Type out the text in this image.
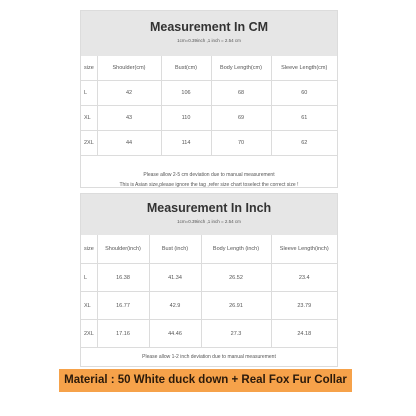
Measurement In CM
1cm=0.39inch ,1 inch = 2.54 cm
size	Shoulder(cm)	Bust(cm)	Body Length(cm)	Sleeve Length(cm)
L	42	106	68	60
XL	43	110	69	61
2XL	44	114	70	62
Please allow 2-5 cm deviation due to manual measurement
This is Asian size,please ignore the tag ,refer size chart toselect the correct size !
Measurement In Inch
1cm=0.39inch ,1 inch = 2.54 cm
size	Shoulder(inch)	Bust (inch)	Body Length (inch)	Sleeve Length(inch)
L	16.38	41.34	26.52	23.4
XL	16.77	42.9	26.91	23.79
2XL	17.16	44.46	27.3	24.18
Please allow 1-2 inch deviation due to manual measurement
Material : 50 White duck down + Real Fox Fur Collar
